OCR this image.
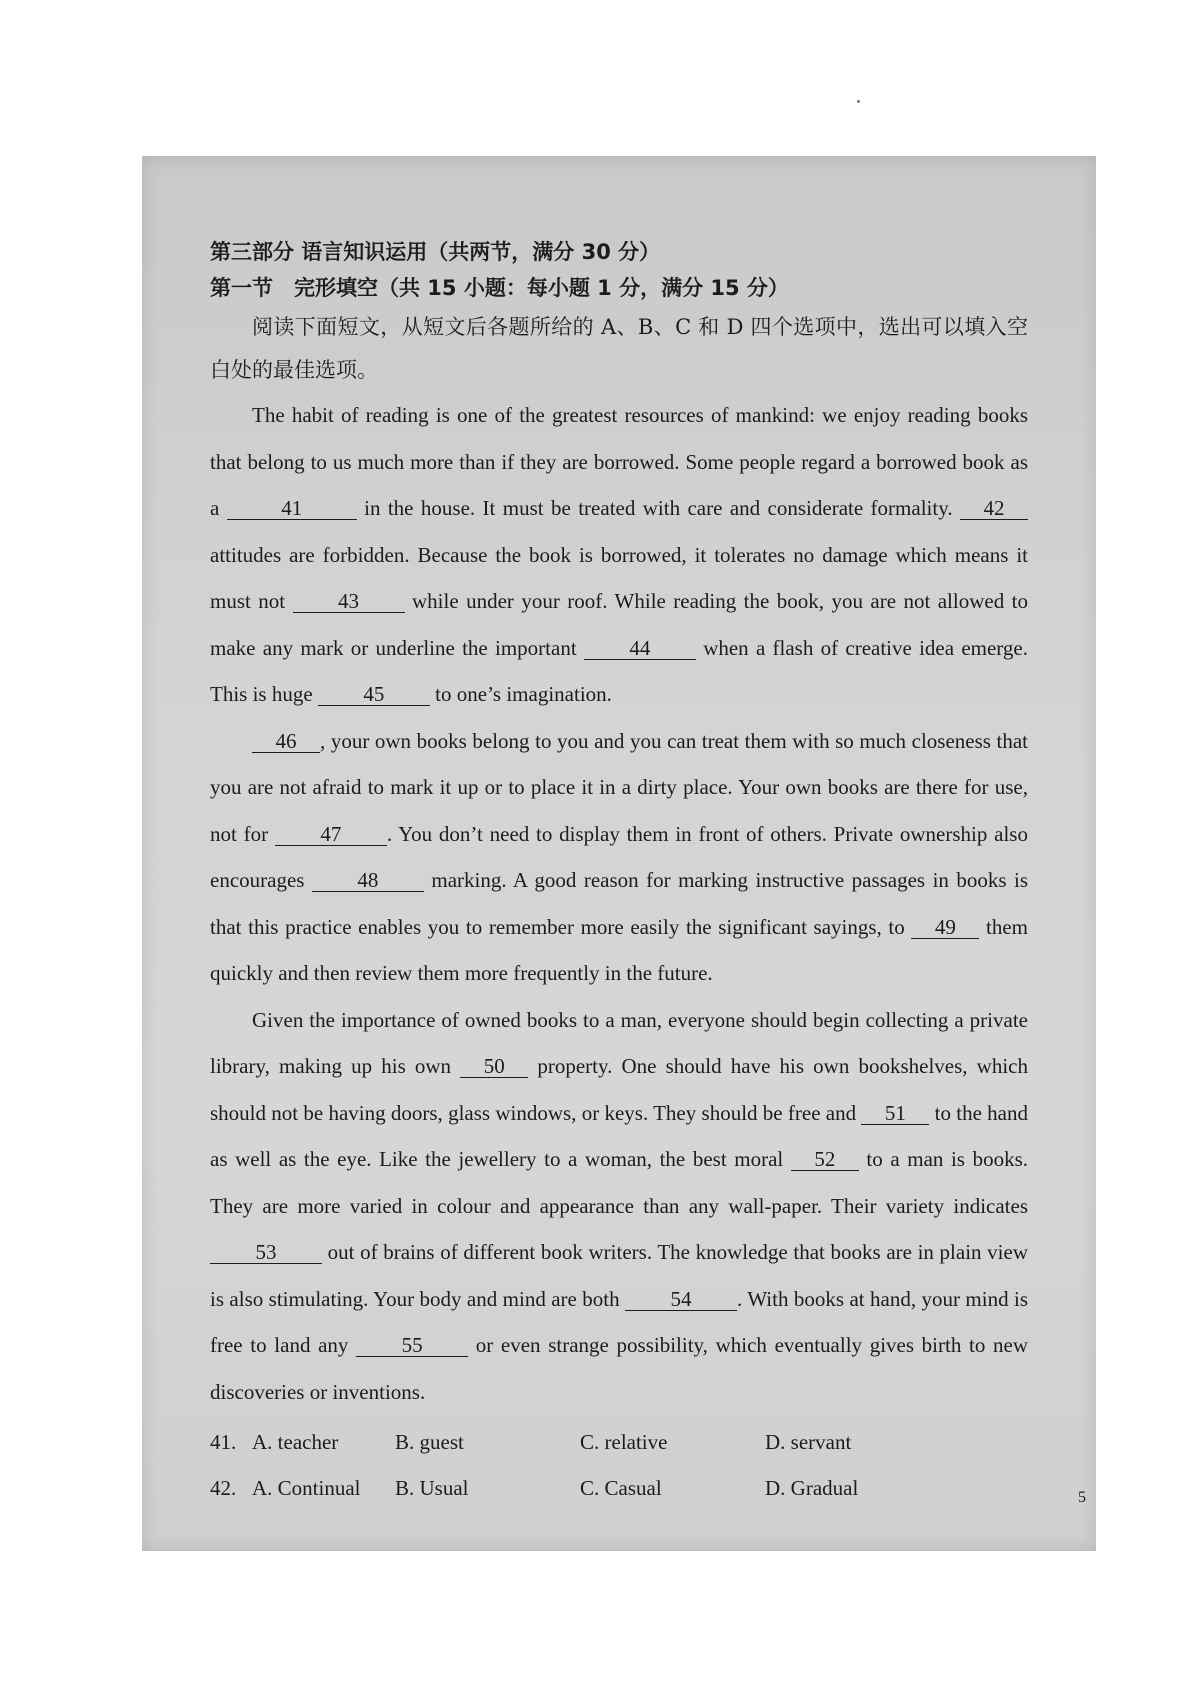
第三部分 语言知识运用（共两节，满分 30 分）

第一节　完形填空（共 15 小题：每小题 1 分，满分 15 分）

阅读下面短文，从短文后各题所给的 A、B、C 和 D 四个选项中，选出可以填入空白处的最佳选项。

The habit of reading is one of the greatest resources of mankind: we enjoy reading books that belong to us much more than if they are borrowed. Some people regard a borrowed book as a	41	in the house. It must be treated with care and considerate formality. 42 attitudes are forbidden. Because the book is borrowed, it tolerates no damage which means it must not 43 while under your roof. While reading the book, you are not allowed to make any mark or underline the important 44 when a flash of creative idea emerge. This is huge 45 to one’s imagination.

46 , your own books belong to you and you can treat them with so much closeness that you are not afraid to mark it up or to place it in a dirty place. Your own books are there for use, not for 47 . You don’t need to display them in front of others. Private ownership also encourages 48 marking. A good reason for marking instructive passages in books is that this practice enables you to remember more easily the significant sayings, to 49 them quickly and then review them more frequently in the future.

Given the importance of owned books to a man, everyone should begin collecting a private library, making up his own 50 property. One should have his own bookshelves, which should not be having doors, glass windows, or keys. They should be free and 51 to the hand as well as the eye. Like the jewellery to a woman, the best moral 52 to a man is books. They are more varied in colour and appearance than any wall-paper. Their variety indicates 53 out of brains of different book writers. The knowledge that books are in plain view is also stimulating. Your body and mind are both 54 . With books at hand, your mind is free to land any 55 or even strange possibility, which eventually gives birth to new discoveries or inventions.

41. A. teacher	B. guest	C. relative	D. servant
42. A. Continual	B. Usual	C. Casual	D. Gradual	5
